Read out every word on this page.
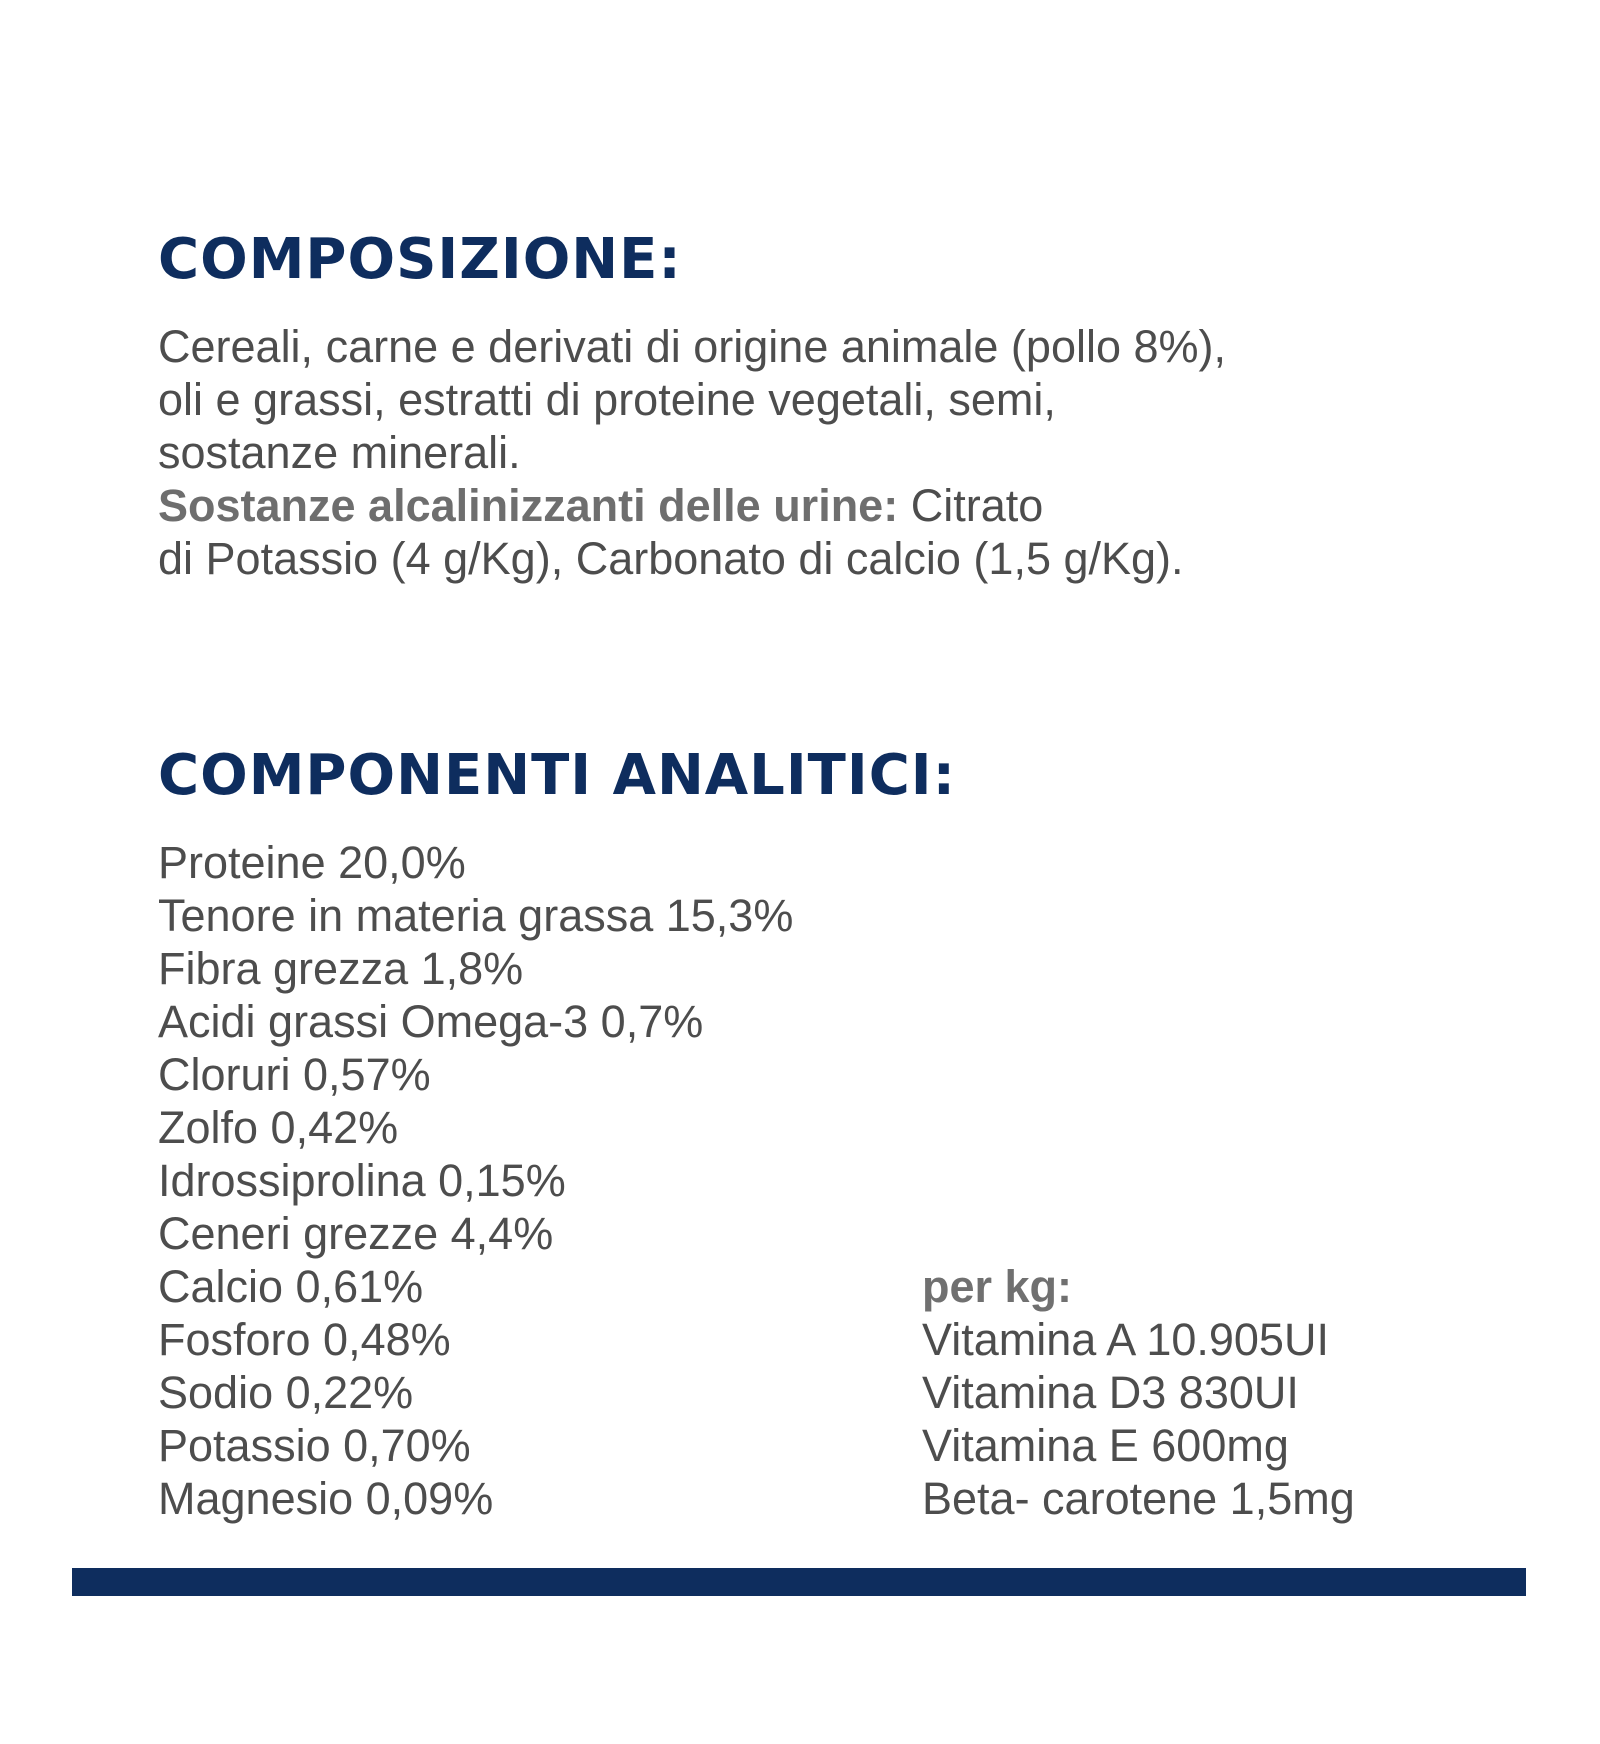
COMPOSIZIONE:
Cereali, carne e derivati di origine animale (pollo 8%),
oli e grassi, estratti di proteine vegetali, semi,
sostanze minerali.
Sostanze alcalinizzanti delle urine: Citrato
di Potassio (4 g/Kg), Carbonato di calcio (1,5 g/Kg).
COMPONENTI ANALITICI:
Proteine 20,0%
Tenore in materia grassa 15,3%
Fibra grezza 1,8%
Acidi grassi Omega-3 0,7%
Cloruri 0,57%
Zolfo 0,42%
Idrossiprolina 0,15%
Ceneri grezze 4,4%
Calcio 0,61%
Fosforo 0,48%
Sodio 0,22%
Potassio 0,70%
Magnesio 0,09%
per kg:
Vitamina A 10.905UI
Vitamina D3 830UI
Vitamina E 600mg
Beta- carotene 1,5mg
